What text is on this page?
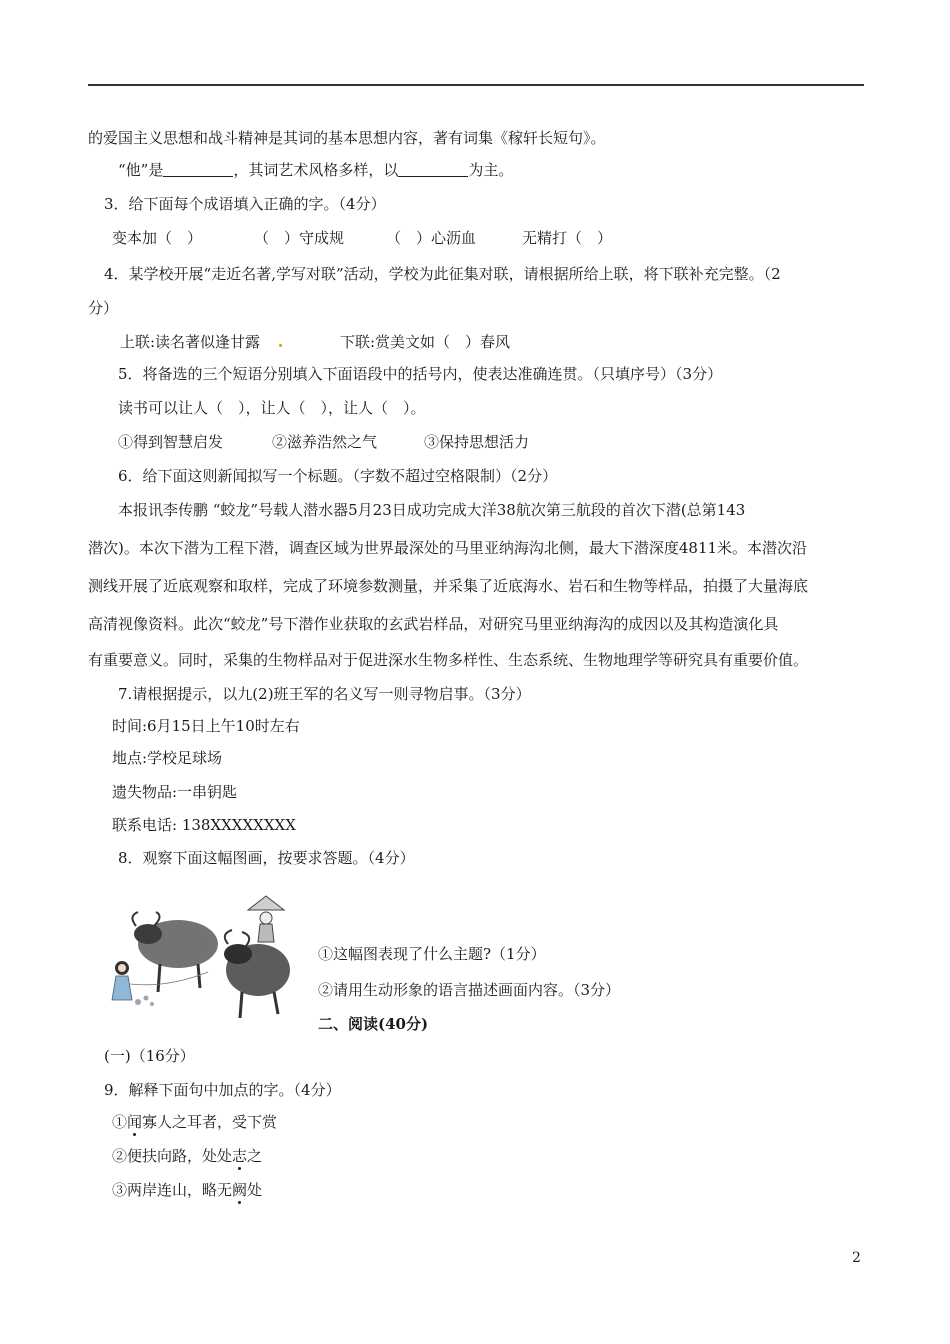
的爱国主义思想和战斗精神是其词的基本思想内容，著有词集《稼轩长短句》。
“他”是	，其词艺术风格多样，以	为主。
3．给下面每个成语填入正确的字。（4分）
变本加（　）	（　）守成规	（　）心沥血	无精打（　）
4．某学校开展“走近名著,学写对联”活动，学校为此征集对联，请根据所给上联，将下联补充完整。（2
分）
上联:读名著似逢甘露	下联:赏美文如（　）春风
5．将备选的三个短语分别填入下面语段中的括号内，使表达准确连贯。（只填序号）（3分）
读书可以让人（　），让人（　），让人（　）。
①得到智慧启发	②滋养浩然之气	③保持思想活力
6．给下面这则新闻拟写一个标题。（字数不超过空格限制）（2分）
本报讯李传鹏 “蛟龙”号载人潜水器5月23日成功完成大洋38航次第三航段的首次下潜(总第143
潜次)。本次下潜为工程下潜，调查区域为世界最深处的马里亚纳海沟北侧，最大下潜深度4811米。本潜次沿
测线开展了近底观察和取样，完成了环境参数测量，并采集了近底海水、岩石和生物等样品，拍摄了大量海底
高清视像资料。此次“蛟龙”号下潜作业获取的玄武岩样品，对研究马里亚纳海沟的成因以及其构造演化具
有重要意义。同时，采集的生物样品对于促进深水生物多样性、生态系统、生物地理学等研究具有重要价值。
7.请根据提示，以九(2)班王军的名义写一则寻物启事。（3分）
时间:6月15日上午10时左右
地点:学校足球场
遗失物品:一串钥匙
联系电话: 138XXXXXXXX
8．观察下面这幅图画，按要求答题。（4分）
①这幅图表现了什么主题?（1分）
②请用生动形象的语言描述画面内容。（3分）
二、阅读(40分)
(一)（16分）
9．解释下面句中加点的字。（4分）
①闻寡人之耳者，受下赏
②便扶向路，处处志之
③两岸连山，略无阙处
2
